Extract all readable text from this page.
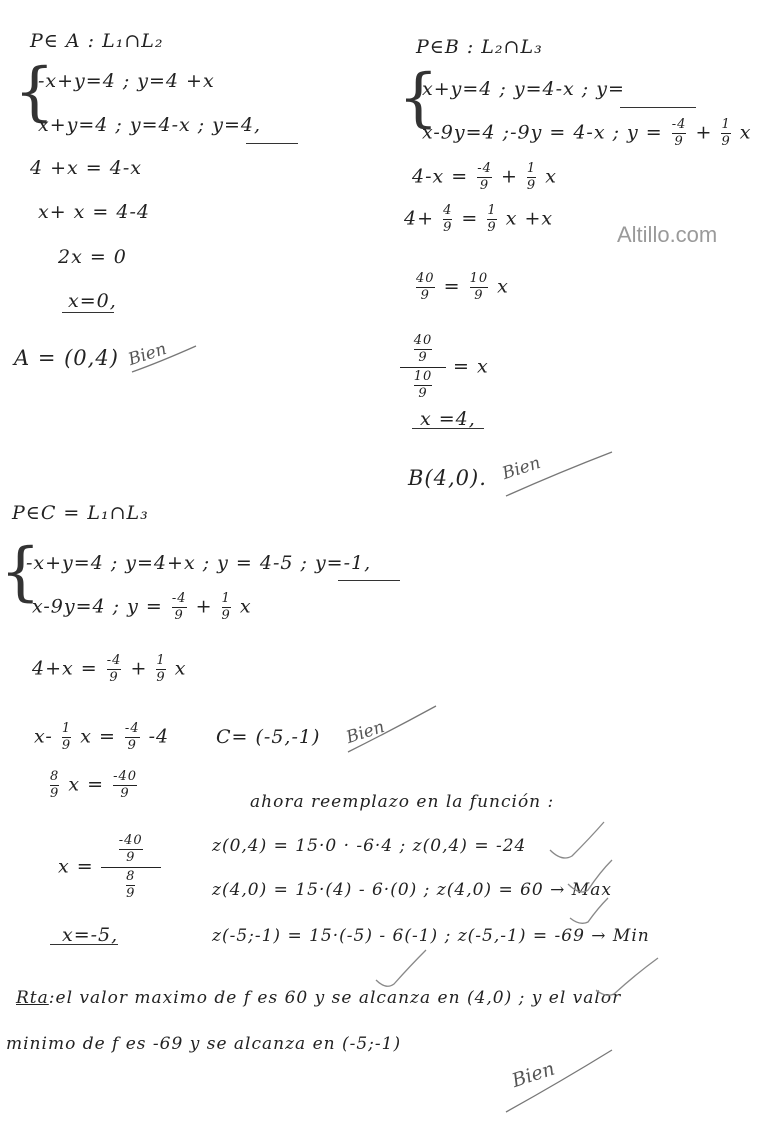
Altillo.com
P∈ A : L₁∩L₂
{
-x+y=4 ; y=4 +x
x+y=4 ; y=4-x ; y=4,
4 +x = 4-x
x+ x = 4-4
2x = 0
x=0,
A = (0,4) Bien
P∈B : L₂∩L₃
{
x+y=4 ; y=4-x ; y=
x-9y=4 ;-9y = 4-x ; $y = \frac{-4}{9} + \frac{1}{9}$ x
$4-x = \frac{-4}{9} + \frac{1}{9}$ x
$4+ \frac{4}{9} = \frac{1}{9}$ x +x
$\frac{40}{9} = \frac{10}{9}$ x
40
9
10
9 = x
x =4,
B(4,0). Bien
P∈C = L₁∩L₃
{
-x+y=4 ; y=4+x ; y = 4-5 ; y=-1,
x-9y=4 ; $y = \frac{-4}{9} + \frac{1}{9}$ x
$4+x = \frac{-4}{9} + \frac{1}{9}$ x
$x- \frac{1}{9}$ $x = \frac{-4}{9} -4$ C= (-5,-1) Bien
$\frac{8}{9}$ $x = \frac{-40}{9}$
x = -40
9
8
9
x=-5,
ahora reemplazo en la función :
z(0,4) = 15·0 · -6·4 ; z(0,4) = -24
z(4,0) = 15·(4) - 6·(0) ; z(4,0) = 60 → Max
z(-5;-1) = 15·(-5) - 6(-1) ; z(-5,-1) = -69 → Min
Rta:el valor maximo de f es 60 y se alcanza en (4,0) ; y el valor
minimo de f es -69 y se alcanza en (-5;-1)
Bien
